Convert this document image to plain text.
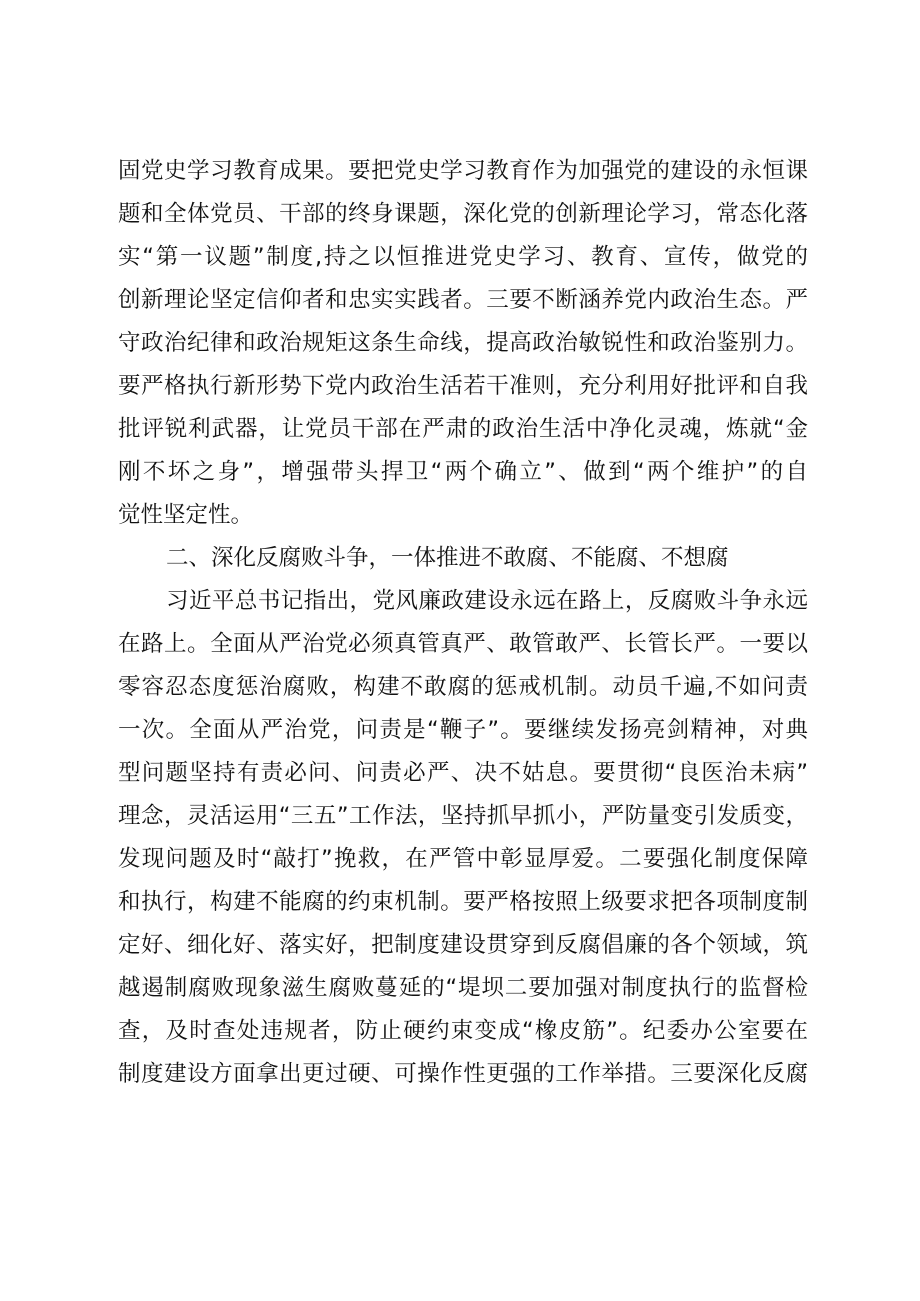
固党史学习教育成果。要把党史学习教育作为加强党的建设的永恒课
题和全体党员、干部的终身课题，深化党的创新理论学习，常态化落
实“第一议题”制度,持之以恒推进党史学习、教育、宣传，做党的
创新理论坚定信仰者和忠实实践者。三要不断涵养党内政治生态。严
守政治纪律和政治规矩这条生命线，提高政治敏锐性和政治鉴别力。
要严格执行新形势下党内政治生活若干准则，充分利用好批评和自我
批评锐利武器，让党员干部在严肃的政治生活中净化灵魂，炼就“金
刚不坏之身”，增强带头捍卫“两个确立”、做到“两个维护”的自
觉性坚定性。
二、深化反腐败斗争，一体推进不敢腐、不能腐、不想腐
习近平总书记指出，党风廉政建设永远在路上，反腐败斗争永远
在路上。全面从严治党必须真管真严、敢管敢严、长管长严。一要以
零容忍态度惩治腐败，构建不敢腐的惩戒机制。动员千遍,不如问责
一次。全面从严治党，问责是“鞭子”。要继续发扬亮剑精神，对典
型问题坚持有责必问、问责必严、决不姑息。要贯彻“良医治未病”
理念，灵活运用“三五”工作法，坚持抓早抓小，严防量变引发质变，
发现问题及时“敲打”挽救，在严管中彰显厚爱。二要强化制度保障
和执行，构建不能腐的约束机制。要严格按照上级要求把各项制度制
定好、细化好、落实好，把制度建设贯穿到反腐倡廉的各个领域，筑
越遏制腐败现象滋生腐败蔓延的“堤坝二要加强对制度执行的监督检
查，及时查处违规者，防止硬约束变成“橡皮筋”。纪委办公室要在
制度建设方面拿出更过硬、可操作性更强的工作举措。三要深化反腐
